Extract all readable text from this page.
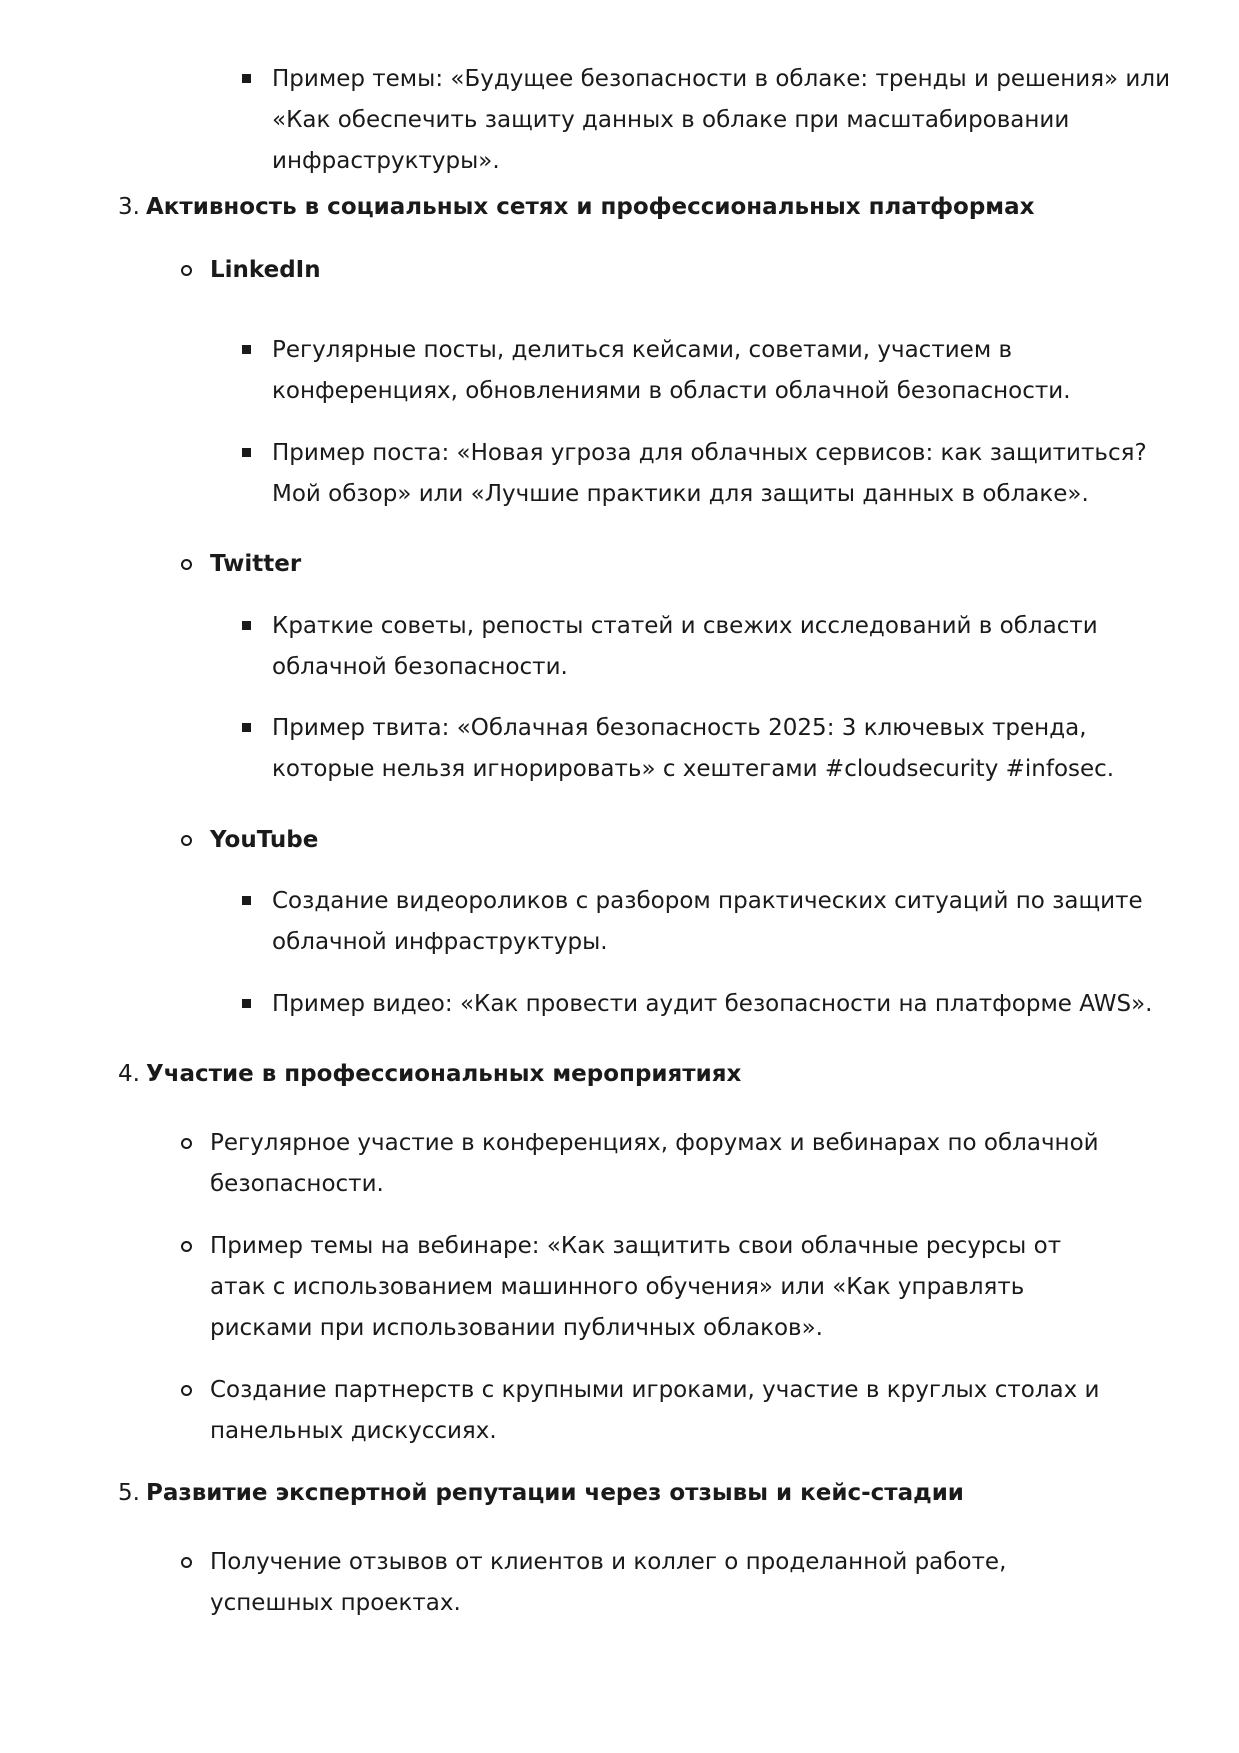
Пример темы: «Будущее безопасности в облаке: тренды и решения» или «Как обеспечить защиту данных в облаке при масштабировании инфраструктуры».
3. Активность в социальных сетях и профессиональных платформах
LinkedIn
Регулярные посты, делиться кейсами, советами, участием в конференциях, обновлениями в области облачной безопасности.
Пример поста: «Новая угроза для облачных сервисов: как защититься? Мой обзор» или «Лучшие практики для защиты данных в облаке».
Twitter
Краткие советы, репосты статей и свежих исследований в области облачной безопасности.
Пример твита: «Облачная безопасность 2025: 3 ключевых тренда, которые нельзя игнорировать» с хештегами #cloudsecurity #infosec.
YouTube
Создание видеороликов с разбором практических ситуаций по защите облачной инфраструктуры.
Пример видео: «Как провести аудит безопасности на платформе AWS».
4. Участие в профессиональных мероприятиях
Регулярное участие в конференциях, форумах и вебинарах по облачной безопасности.
Пример темы на вебинаре: «Как защитить свои облачные ресурсы от атак с использованием машинного обучения» или «Как управлять рисками при использовании публичных облаков».
Создание партнерств с крупными игроками, участие в круглых столах и панельных дискуссиях.
5. Развитие экспертной репутации через отзывы и кейс-стадии
Получение отзывов от клиентов и коллег о проделанной работе, успешных проектах.
